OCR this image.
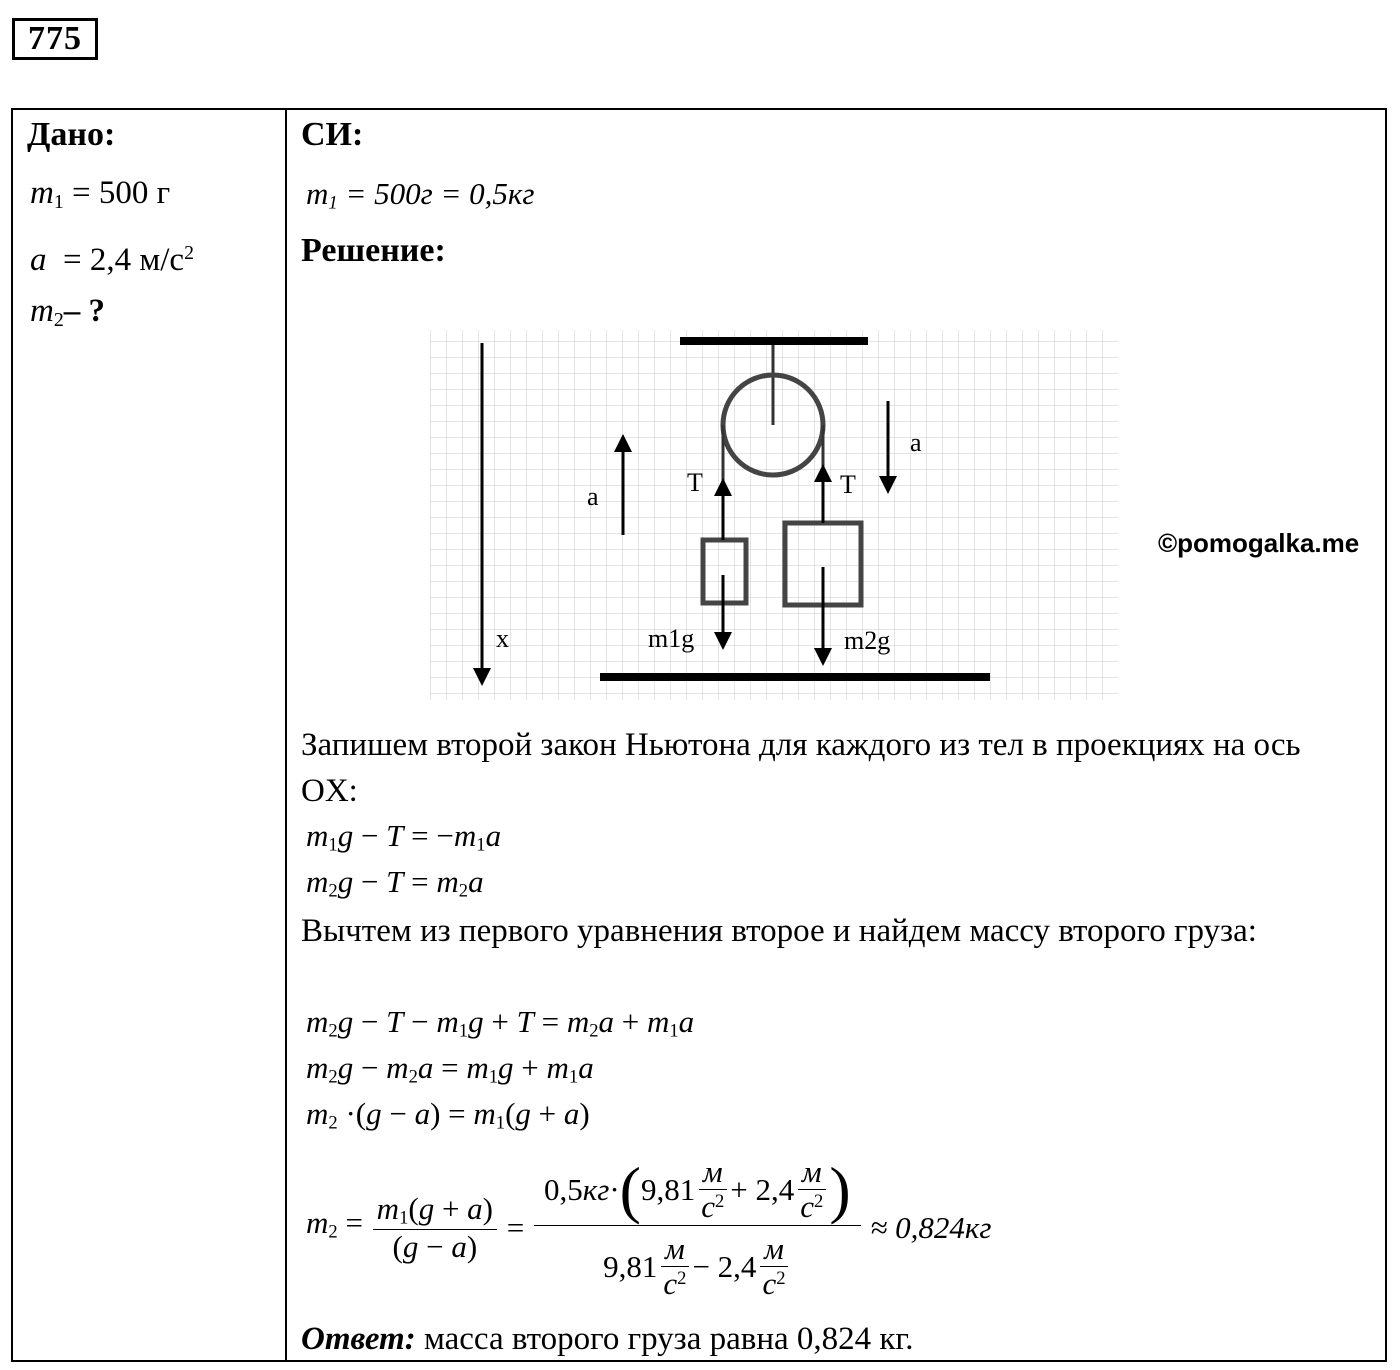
775
Дано:
$m_1 = 500$ г
a = 2,4 $м/с^2$
$m_2-$ ?
СИ:
$m_1 = 500г = 0,5кг$
Решение:
a
a
T	T
x	m1g	m2g
©pomogalka.me
Запишем второй закон Ньютона для каждого из тел в проекциях на ось OX:
$m_1g - T = -m_1a$
$m_2g - T = m_2a$
Вычтем из первого уравнения второе и найдем массу второго груза:
$m_2g - T - m_1g + T = m_2a + m_1a$
$m_2g - m_2a = m_1g + m_1a$
$m_2 \cdot(g - a) = m_1(g + a)$
$m_2 = \frac{m_1(g + a)}{(g - a)} = \frac{0,5 кг \cdot ( 9,81 \frac{м}{с^2} + 2,4 \frac{м}{с^2} )}{9,81 \frac{м}{с^2} - 2,4 \frac{м}{с^2}} \approx 0,824кг$
Ответ: масса второго груза равна 0,824 кг.
